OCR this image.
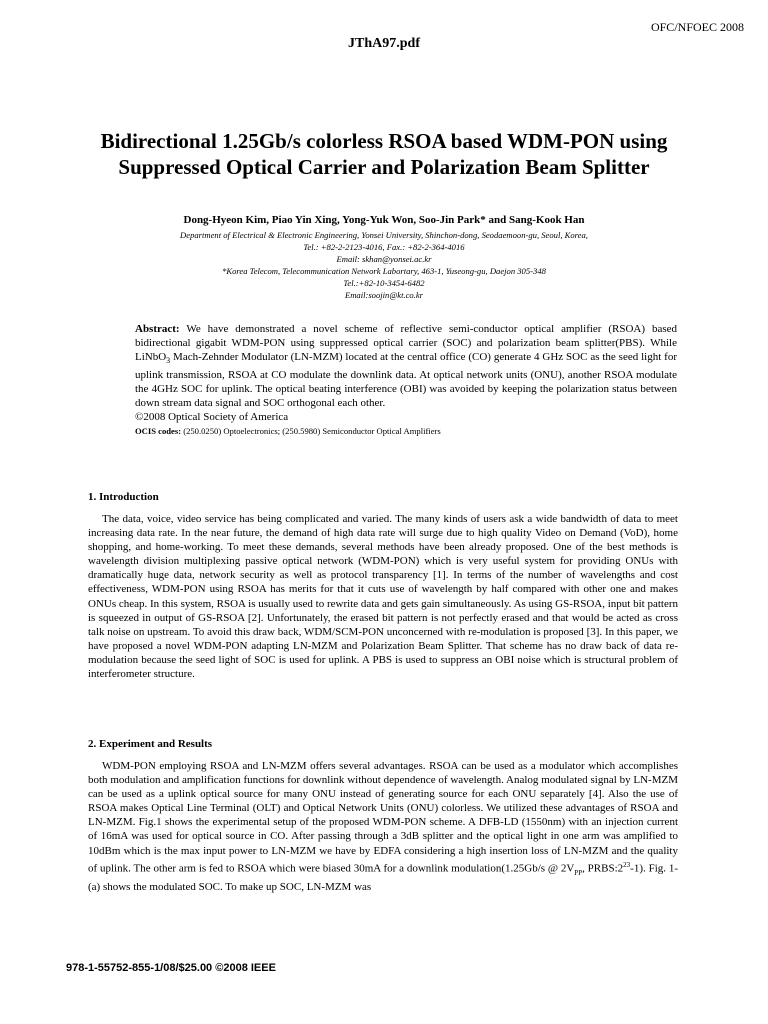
OFC/NFOEC 2008
JThA97.pdf
Bidirectional 1.25Gb/s colorless RSOA based WDM-PON using Suppressed Optical Carrier and Polarization Beam Splitter
Dong-Hyeon Kim, Piao Yin Xing, Yong-Yuk Won, Soo-Jin Park* and Sang-Kook Han
Department of Electrical & Electronic Engineering, Yonsei University, Shinchon-dong, Seodaemoon-gu, Seoul, Korea,
Tel.: +82-2-2123-4016, Fax.: +82-2-364-4016
Email: skhan@yonsei.ac.kr
*Korea Telecom, Telecommunication Network Labortary, 463-1, Yuseong-gu, Daejon 305-348
Tel.:+82-10-3454-6482
Email:soojin@kt.co.kr

Abstract: We have demonstrated a novel scheme of reflective semi-conductor optical amplifier (RSOA) based bidirectional gigabit WDM-PON using suppressed optical carrier (SOC) and polarization beam splitter(PBS). While LiNbO$_3$ Mach-Zehnder Modulator (LN-MZM) located at the central office (CO) generate 4 GHz SOC as the seed light for uplink transmission, RSOA at CO modulate the downlink data. At optical network units (ONU), another RSOA modulate the 4GHz SOC for uplink. The optical beating interference (OBI) was avoided by keeping the polarization status between down stream data signal and SOC orthogonal each other.

©2008 Optical Society of America

OCIS codes: (250.0250) Optoelectronics; (250.5980) Semiconductor Optical Amplifiers

1. Introduction

The data, voice, video service has being complicated and varied. The many kinds of users ask a wide bandwidth of data to meet increasing data rate. In the near future, the demand of high data rate will surge due to high quality Video on Demand (VoD), home shopping, and home-working. To meet these demands, several methods have been already proposed. One of the best methods is wavelength division multiplexing passive optical network (WDM-PON) which is very useful system for providing ONUs with dramatically huge data, network security as well as protocol transparency [1]. In terms of the number of wavelengths and cost effectiveness, WDM-PON using RSOA has merits for that it cuts use of wavelength by half compared with other one and makes ONUs cheap. In this system, RSOA is usually used to rewrite data and gets gain simultaneously. As using GS-RSOA, input bit pattern is squeezed in output of GS-RSOA [2]. Unfortunately, the erased bit pattern is not perfectly erased and that would be acted as cross talk noise on upstream. To avoid this draw back, WDM/SCM-PON unconcerned with re-modulation is proposed [3]. In this paper, we have proposed a novel WDM-PON adapting LN-MZM and Polarization Beam Splitter. That scheme has no draw back of data re-modulation because the seed light of SOC is used for uplink. A PBS is used to suppress an OBI noise which is structural problem of interferometer structure.

2. Experiment and Results

WDM-PON employing RSOA and LN-MZM offers several advantages. RSOA can be used as a modulator which accomplishes both modulation and amplification functions for downlink without dependence of wavelength. Analog modulated signal by LN-MZM can be used as a uplink optical source for many ONU instead of generating source for each ONU separately [4]. Also the use of RSOA makes Optical Line Terminal (OLT) and Optical Network Units (ONU) colorless. We utilized these advantages of RSOA and LN-MZM. Fig.1 shows the experimental setup of the proposed WDM-PON scheme. A DFB-LD (1550nm) with an injection current of 16mA was used for optical source in CO. After passing through a 3dB splitter and the optical light in one arm was amplified to 10dBm which is the max input power to LN-MZM we have by EDFA considering a high insertion loss of LN-MZM and the quality of uplink. The other arm is fed to RSOA which were biased 30mA for a downlink modulation(1.25Gb/s @ $2V_{PP}$, $PRBS:2^{23}-1$). Fig. 1-(a) shows the modulated SOC. To make up SOC, LN-MZM was

978-1-55752-855-1/08/$25.00 ©2008 IEEE
